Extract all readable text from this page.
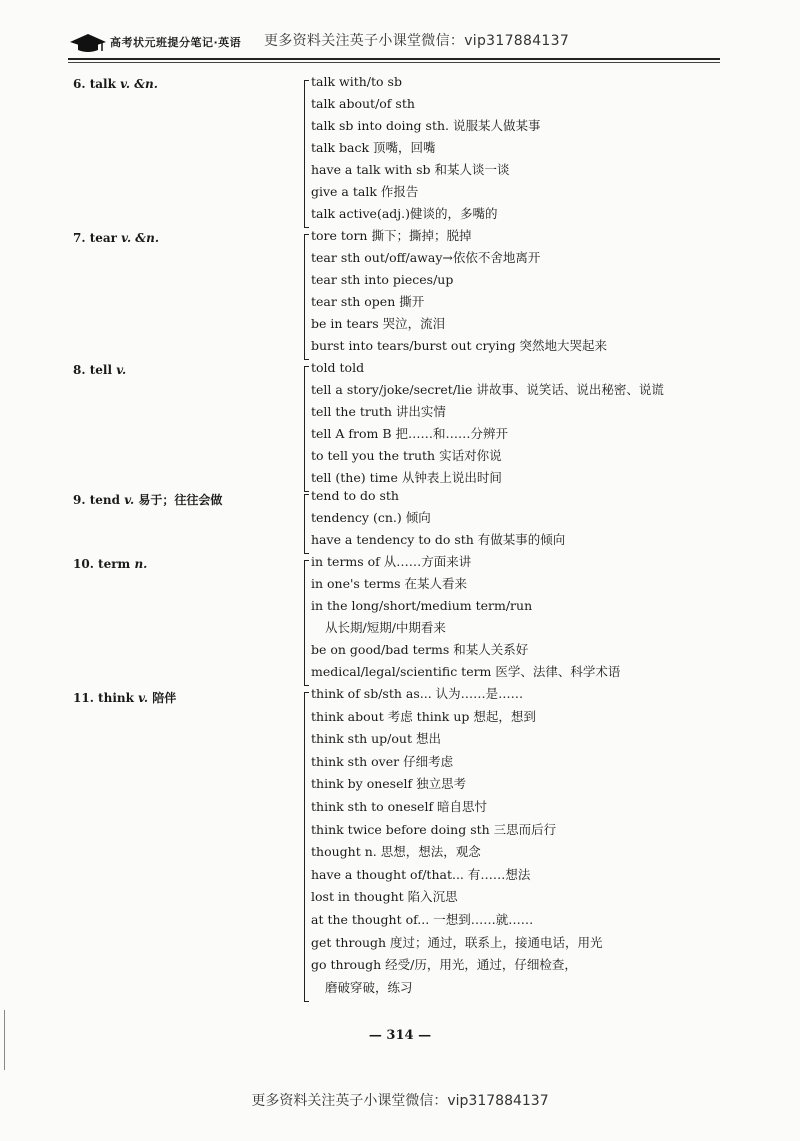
高考状元班提分笔记·英语 更多资料关注英子小课堂微信：vip317884137
6. talk v. &n.	talk with/to sb
talk about/of sth
talk sb into doing sth. 说服某人做某事
talk back 顶嘴，回嘴
have a talk with sb 和某人谈一谈
give a talk 作报告
talk active(adj.)健谈的，多嘴的
7. tear v. &n.	tore torn 撕下；撕掉；脱掉
tear sth out/off/away→依依不舍地离开
tear sth into pieces/up
tear sth open 撕开
be in tears 哭泣，流泪
burst into tears/burst out crying 突然地大哭起来
8. tell v.	told told
tell a story/joke/secret/lie 讲故事、说笑话、说出秘密、说谎
tell the truth 讲出实情
tell A from B 把……和……分辨开
to tell you the truth 实话对你说
tell (the) time 从钟表上说出时间
9. tend v. 易于；往往会做	tend to do sth
tendency (cn.) 倾向
have a tendency to do sth 有做某事的倾向
10. term n.	in terms of 从……方面来讲
in one's terms 在某人看来
in the long/short/medium term/run
从长期/短期/中期看来
be on good/bad terms 和某人关系好
medical/legal/scientific term 医学、法律、科学术语
11. think v. 陪伴	think of sb/sth as... 认为……是……
think about 考虑 think up 想起，想到
think sth up/out 想出
think sth over 仔细考虑
think by oneself 独立思考
think sth to oneself 暗自思忖
think twice before doing sth 三思而后行
thought n. 思想，想法，观念
have a thought of/that... 有……想法
lost in thought 陷入沉思
at the thought of... 一想到……就……
get through 度过；通过，联系上，接通电话，用光
go through 经受/历，用光，通过，仔细检查，
磨破穿破，练习
— 314 —
更多资料关注英子小课堂微信：vip317884137
